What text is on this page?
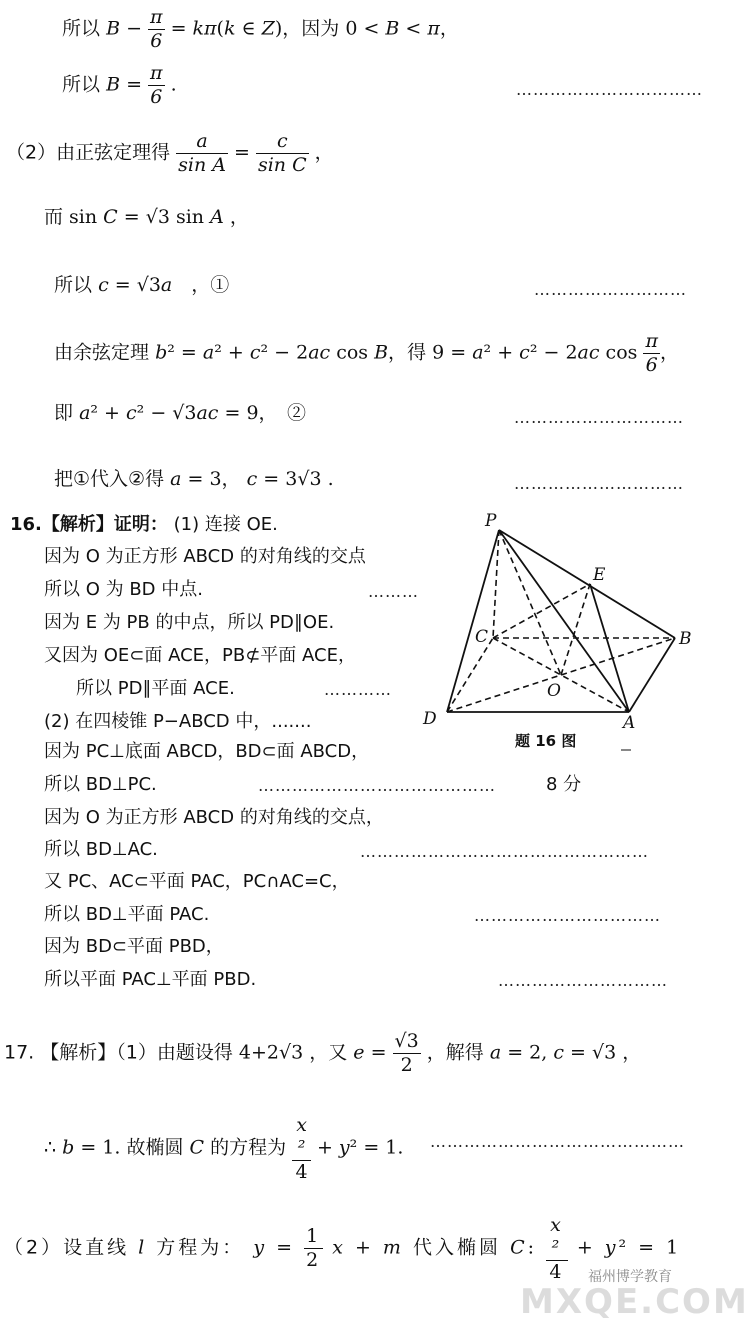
所以 $B - \frac{\pi}{6} = k\pi(k$ ∈ Z)，因为 0 < B < π，
所以 $B = \frac{\pi}{6}$ .	……………………………
（2）由正弦定理得 $\frac{a}{\text{sin A}} = \frac{c}{\text{sin C}}$ ，
而 sin C = √3 sin A ，
所以 c = √3a　，①	………………………
由余弦定理 b² = a² + c² − 2ac cos B，得 9 = a² + c² − 2ac $\cos \frac{\pi}{6}$ ，
即 a² + c² − √3ac = 9，　②	…………………………
把①代入②得 a = 3， c = 3√3 .	…………………………
16.【解析】证明： (1) 连接 OE.
因为 O 为正方形 ABCD 的对角线的交点
所以 O 为 BD 中点.	………
因为 E 为 PB 的中点，所以 PD∥OE.
又因为 OE⊂面 ACE，PB⊄平面 ACE，
所以 PD∥平面 ACE.	…………
(2) 在四棱锥 P−ABCD 中，.......
因为 PC⊥底面 ABCD，BD⊂面 ABCD，
所以 BD⊥PC.	……………………………………	8 分
因为 O 为正方形 ABCD 的对角线的交点，
所以 BD⊥AC.	……………………………………………
又 PC、AC⊂平面 PAC，PC∩AC=C，
所以 BD⊥平面 PAC.	……………………………
因为 BD⊂平面 PBD，
所以平面 PAC⊥平面 PBD.	…………………………
P
E
C	B
O
D	A
题 16 图
17. 【解析】（1）由题设得 4+2√3 ，又 $e = \frac{√3}{2}$ ，解得 a = 2, c = √3 ，
∴ b = 1. 故椭圆 C 的方程为 x
²
4 + y² = 1. ………………………………………
（2）设直线 l 方程为： $y = \frac{1}{2}$ x + m 代入椭圆 C: x
²
4 + y² = 1
MXQE.COM
福州博学教育
